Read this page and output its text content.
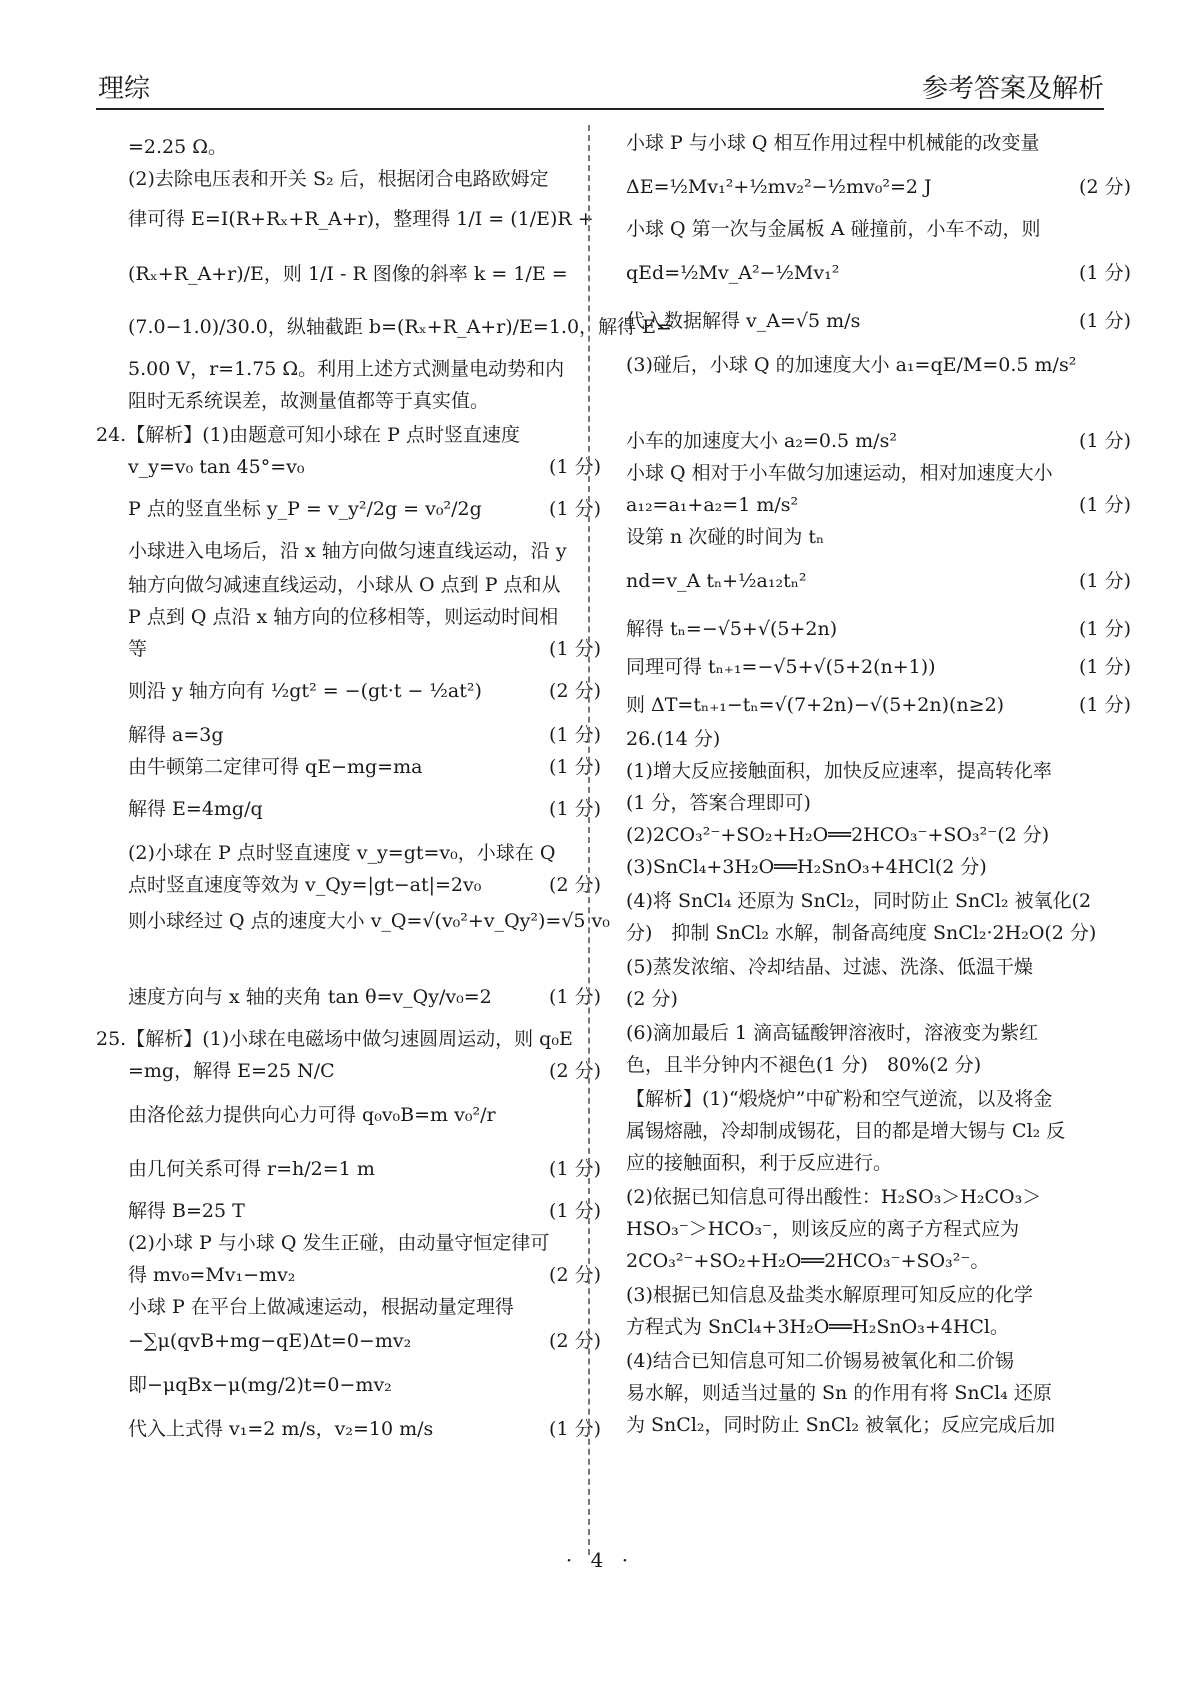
理综	参考答案及解析
=2.25 Ω。
(2)去除电压表和开关 S₂ 后，根据闭合电路欧姆定
律可得 E=I(R+Rₓ+R_A+r)，整理得 1/I = (1/E)R +
(Rₓ+R_A+r)/E，则 1/I - R 图像的斜率 k = 1/E =
(7.0−1.0)/30.0，纵轴截距 b=(Rₓ+R_A+r)/E=1.0，解得 E=
5.00 V，r=1.75 Ω。利用上述方式测量电动势和内
阻时无系统误差，故测量值都等于真实值。
24.【解析】(1)由题意可知小球在 P 点时竖直速度
v_y=v₀ tan 45°=v₀	(1 分)
P 点的竖直坐标 y_P = v_y²/2g = v₀²/2g	(1 分)
小球进入电场后，沿 x 轴方向做匀速直线运动，沿 y
轴方向做匀减速直线运动，小球从 O 点到 P 点和从
P 点到 Q 点沿 x 轴方向的位移相等，则运动时间相
等	(1 分)
则沿 y 轴方向有 ½gt² = −(gt·t − ½at²)	(2 分)
解得 a=3g	(1 分)
由牛顿第二定律可得 qE−mg=ma	(1 分)
解得 E=4mg/q	(1 分)
(2)小球在 P 点时竖直速度 v_y=gt=v₀，小球在 Q
点时竖直速度等效为 v_Qy=|gt−at|=2v₀	(2 分)
则小球经过 Q 点的速度大小 v_Q=√(v₀²+v_Qy²)=√5 v₀
速度方向与 x 轴的夹角 tan θ=v_Qy/v₀=2	(1 分)
25.【解析】(1)小球在电磁场中做匀速圆周运动，则 q₀E
=mg，解得 E=25 N/C	(2 分)
由洛伦兹力提供向心力可得 q₀v₀B=m v₀²/r
由几何关系可得 r=h/2=1 m	(1 分)
解得 B=25 T	(1 分)
(2)小球 P 与小球 Q 发生正碰，由动量守恒定律可
得 mv₀=Mv₁−mv₂	(2 分)
小球 P 在平台上做减速运动，根据动量定理得
−∑μ(qvB+mg−qE)Δt=0−mv₂	(2 分)
即−μqBx−μ(mg/2)t=0−mv₂
代入上式得 v₁=2 m/s，v₂=10 m/s	(1 分)
小球 P 与小球 Q 相互作用过程中机械能的改变量
ΔE=½Mv₁²+½mv₂²−½mv₀²=2 J	(2 分)
小球 Q 第一次与金属板 A 碰撞前，小车不动，则
qEd=½Mv_A²−½Mv₁²	(1 分)
代入数据解得 v_A=√5 m/s	(1 分)
(3)碰后，小球 Q 的加速度大小 a₁=qE/M=0.5 m/s²
小车的加速度大小 a₂=0.5 m/s²	(1 分)
小球 Q 相对于小车做匀加速运动，相对加速度大小
a₁₂=a₁+a₂=1 m/s²	(1 分)
设第 n 次碰的时间为 tₙ
nd=v_A tₙ+½a₁₂tₙ²	(1 分)
解得 tₙ=−√5+√(5+2n)	(1 分)
同理可得 tₙ₊₁=−√5+√(5+2(n+1))	(1 分)
则 ΔT=tₙ₊₁−tₙ=√(7+2n)−√(5+2n)(n≥2)	(1 分)
26.(14 分)
(1)增大反应接触面积，加快反应速率，提高转化率
(1 分，答案合理即可)
(2)2CO₃²⁻+SO₂+H₂O══2HCO₃⁻+SO₃²⁻(2 分)
(3)SnCl₄+3H₂O══H₂SnO₃+4HCl(2 分)
(4)将 SnCl₄ 还原为 SnCl₂，同时防止 SnCl₂ 被氧化(2
分)　抑制 SnCl₂ 水解，制备高纯度 SnCl₂·2H₂O(2 分)
(5)蒸发浓缩、冷却结晶、过滤、洗涤、低温干燥
(2 分)
(6)滴加最后 1 滴高锰酸钾溶液时，溶液变为紫红
色，且半分钟内不褪色(1 分)　80%(2 分)
【解析】(1)“煅烧炉”中矿粉和空气逆流，以及将金
属锡熔融，冷却制成锡花，目的都是增大锡与 Cl₂ 反
应的接触面积，利于反应进行。
(2)依据已知信息可得出酸性：H₂SO₃＞H₂CO₃＞
HSO₃⁻＞HCO₃⁻，则该反应的离子方程式应为
2CO₃²⁻+SO₂+H₂O══2HCO₃⁻+SO₃²⁻。
(3)根据已知信息及盐类水解原理可知反应的化学
方程式为 SnCl₄+3H₂O══H₂SnO₃+4HCl。
(4)结合已知信息可知二价锡易被氧化和二价锡
易水解，则适当过量的 Sn 的作用有将 SnCl₄ 还原
为 SnCl₂，同时防止 SnCl₂ 被氧化；反应完成后加
· 4 ·
